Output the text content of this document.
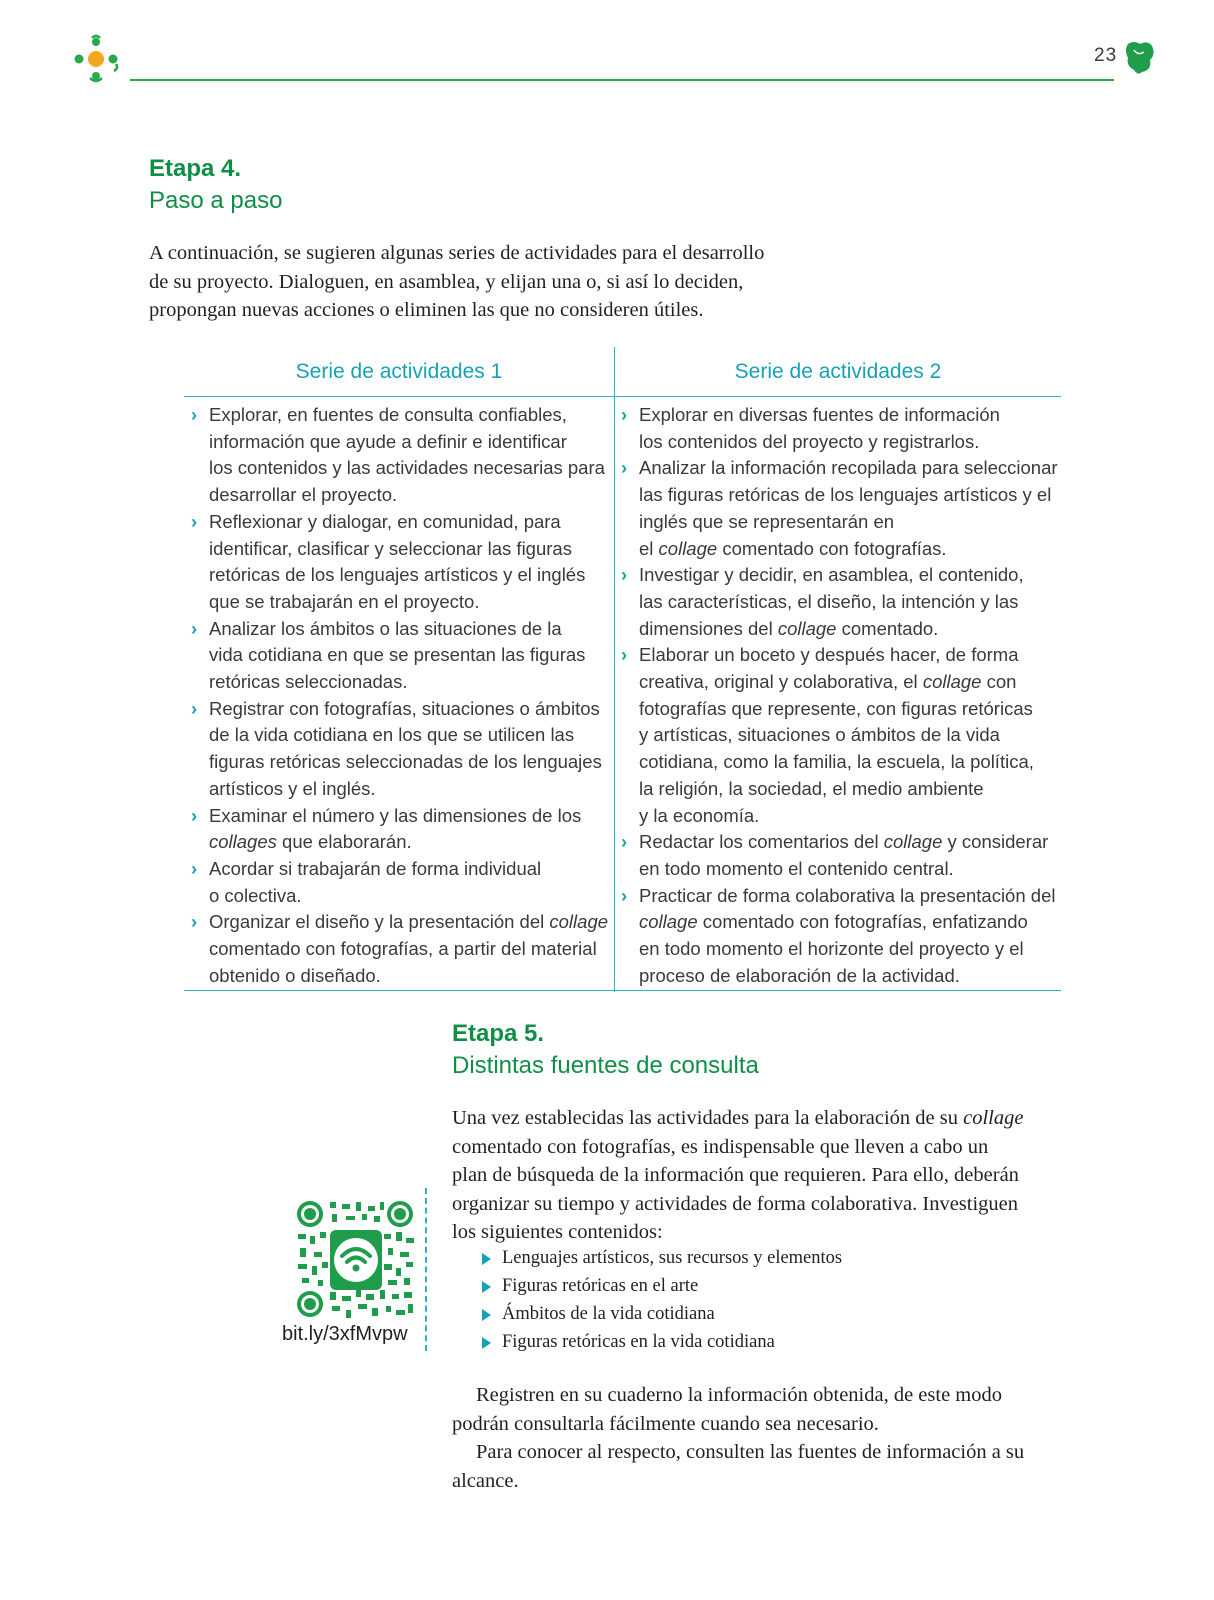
23
Etapa 4.
Paso a paso
A continuación, se sugieren algunas series de actividades para el desarrollo
de su proyecto. Dialoguen, en asamblea, y elijan una o, si así lo deciden,
propongan nuevas acciones o eliminen las que no consideren útiles.
Serie de actividades 1	Serie de actividades 2
› Explorar, en fuentes de consulta confiables,
información que ayude a definir e identificar
los contenidos y las actividades necesarias para
desarrollar el proyecto.
› Reflexionar y dialogar, en comunidad, para
identificar, clasificar y seleccionar las figuras
retóricas de los lenguajes artísticos y el inglés
que se trabajarán en el proyecto.
› Analizar los ámbitos o las situaciones de la
vida cotidiana en que se presentan las figuras
retóricas seleccionadas.
› Registrar con fotografías, situaciones o ámbitos
de la vida cotidiana en los que se utilicen las
figuras retóricas seleccionadas de los lenguajes
artísticos y el inglés.
› Examinar el número y las dimensiones de los
collages que elaborarán.
› Acordar si trabajarán de forma individual
o colectiva.
› Organizar el diseño y la presentación del collage
comentado con fotografías, a partir del material
obtenido o diseñado.
› Explorar en diversas fuentes de información
los contenidos del proyecto y registrarlos.
› Analizar la información recopilada para seleccionar
las figuras retóricas de los lenguajes artísticos y el
inglés que se representarán en
el collage comentado con fotografías.
› Investigar y decidir, en asamblea, el contenido,
las características, el diseño, la intención y las
dimensiones del collage comentado.
› Elaborar un boceto y después hacer, de forma
creativa, original y colaborativa, el collage con
fotografías que represente, con figuras retóricas
y artísticas, situaciones o ámbitos de la vida
cotidiana, como la familia, la escuela, la política,
la religión, la sociedad, el medio ambiente
y la economía.
› Redactar los comentarios del collage y considerar
en todo momento el contenido central.
› Practicar de forma colaborativa la presentación del
collage comentado con fotografías, enfatizando
en todo momento el horizonte del proyecto y el
proceso de elaboración de la actividad.
Etapa 5.
Distintas fuentes de consulta
Una vez establecidas las actividades para la elaboración de su collage
comentado con fotografías, es indispensable que lleven a cabo un
plan de búsqueda de la información que requieren. Para ello, deberán
organizar su tiempo y actividades de forma colaborativa. Investiguen
los siguientes contenidos:
Lenguajes artísticos, sus recursos y elementos
Figuras retóricas en el arte
Ámbitos de la vida cotidiana
Figuras retóricas en la vida cotidiana
Registren en su cuaderno la información obtenida, de este modo
podrán consultarla fácilmente cuando sea necesario.
Para conocer al respecto, consulten las fuentes de información a su
alcance.
bit.ly/3xfMvpw
